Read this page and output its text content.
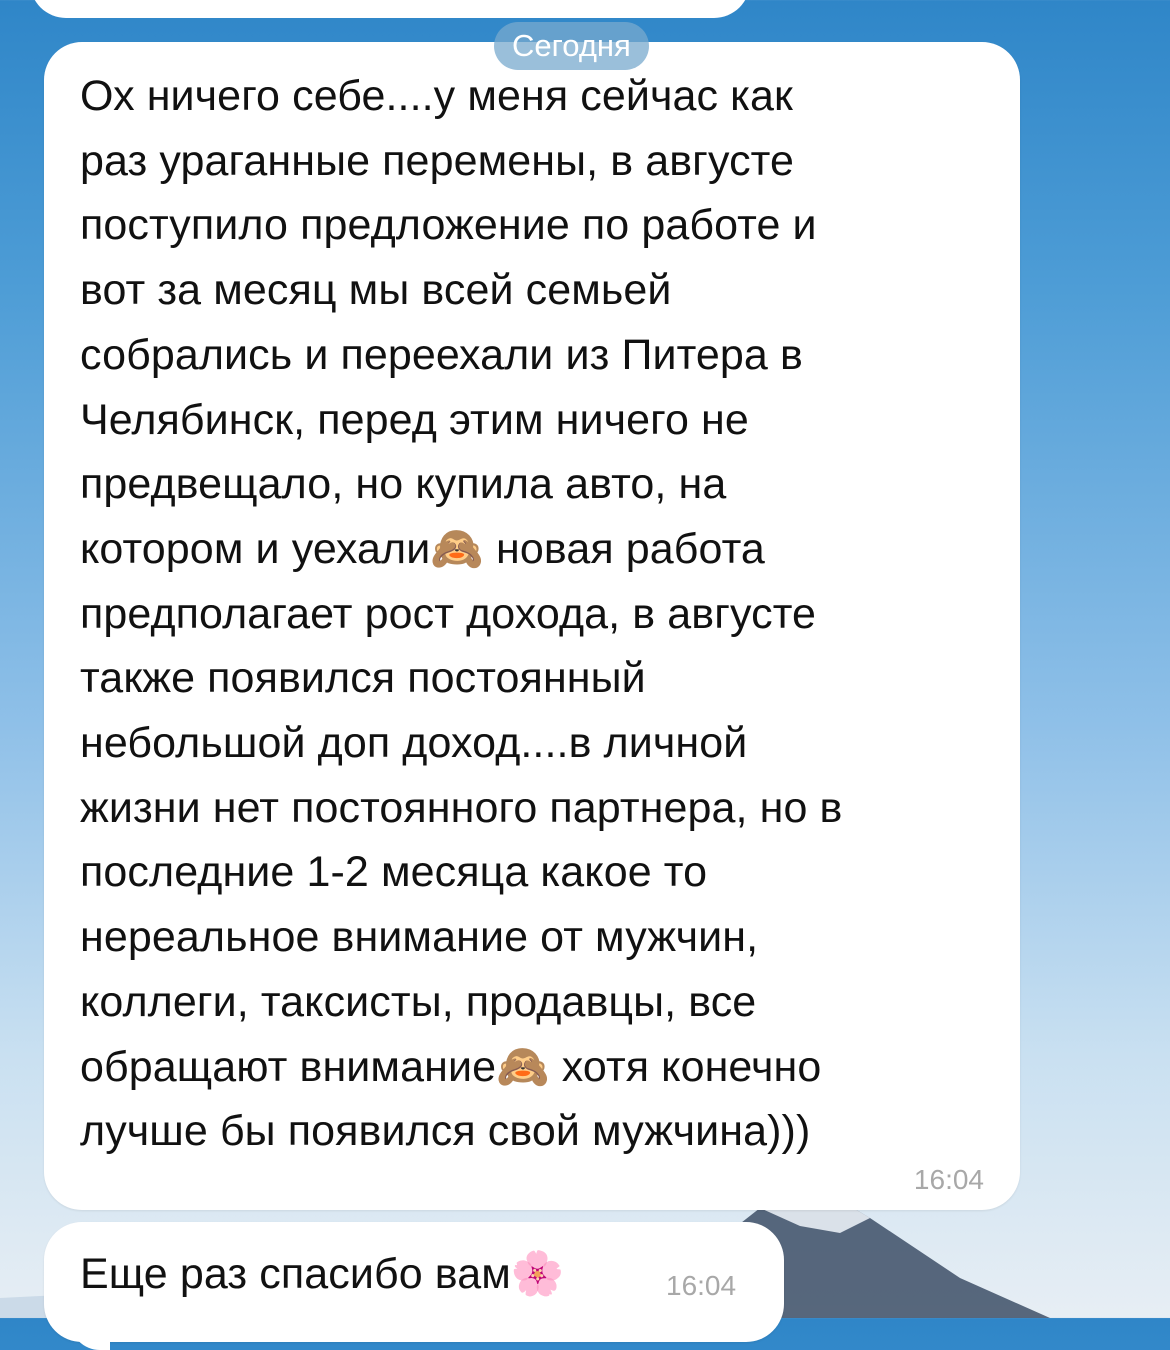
Сегодня

Ох ничего себе....у меня сейчас как
раз ураганные перемены, в августе
поступило предложение по работе и
вот за месяц мы всей семьей
собрались и переехали из Питера в
Челябинск, перед этим ничего не
предвещало, но купила авто, на
котором и уехали🙈 новая работа
предполагает рост дохода, в августе
также появился постоянный
небольшой доп доход....в личной
жизни нет постоянного партнера, но в
последние 1-2 месяца какое то
нереальное внимание от мужчин,
коллеги, таксисты, продавцы, все
обращают внимание🙈 хотя конечно
лучше бы появился свой мужчина)))

16:04

Еще раз спасибо вам🌸	16:04
